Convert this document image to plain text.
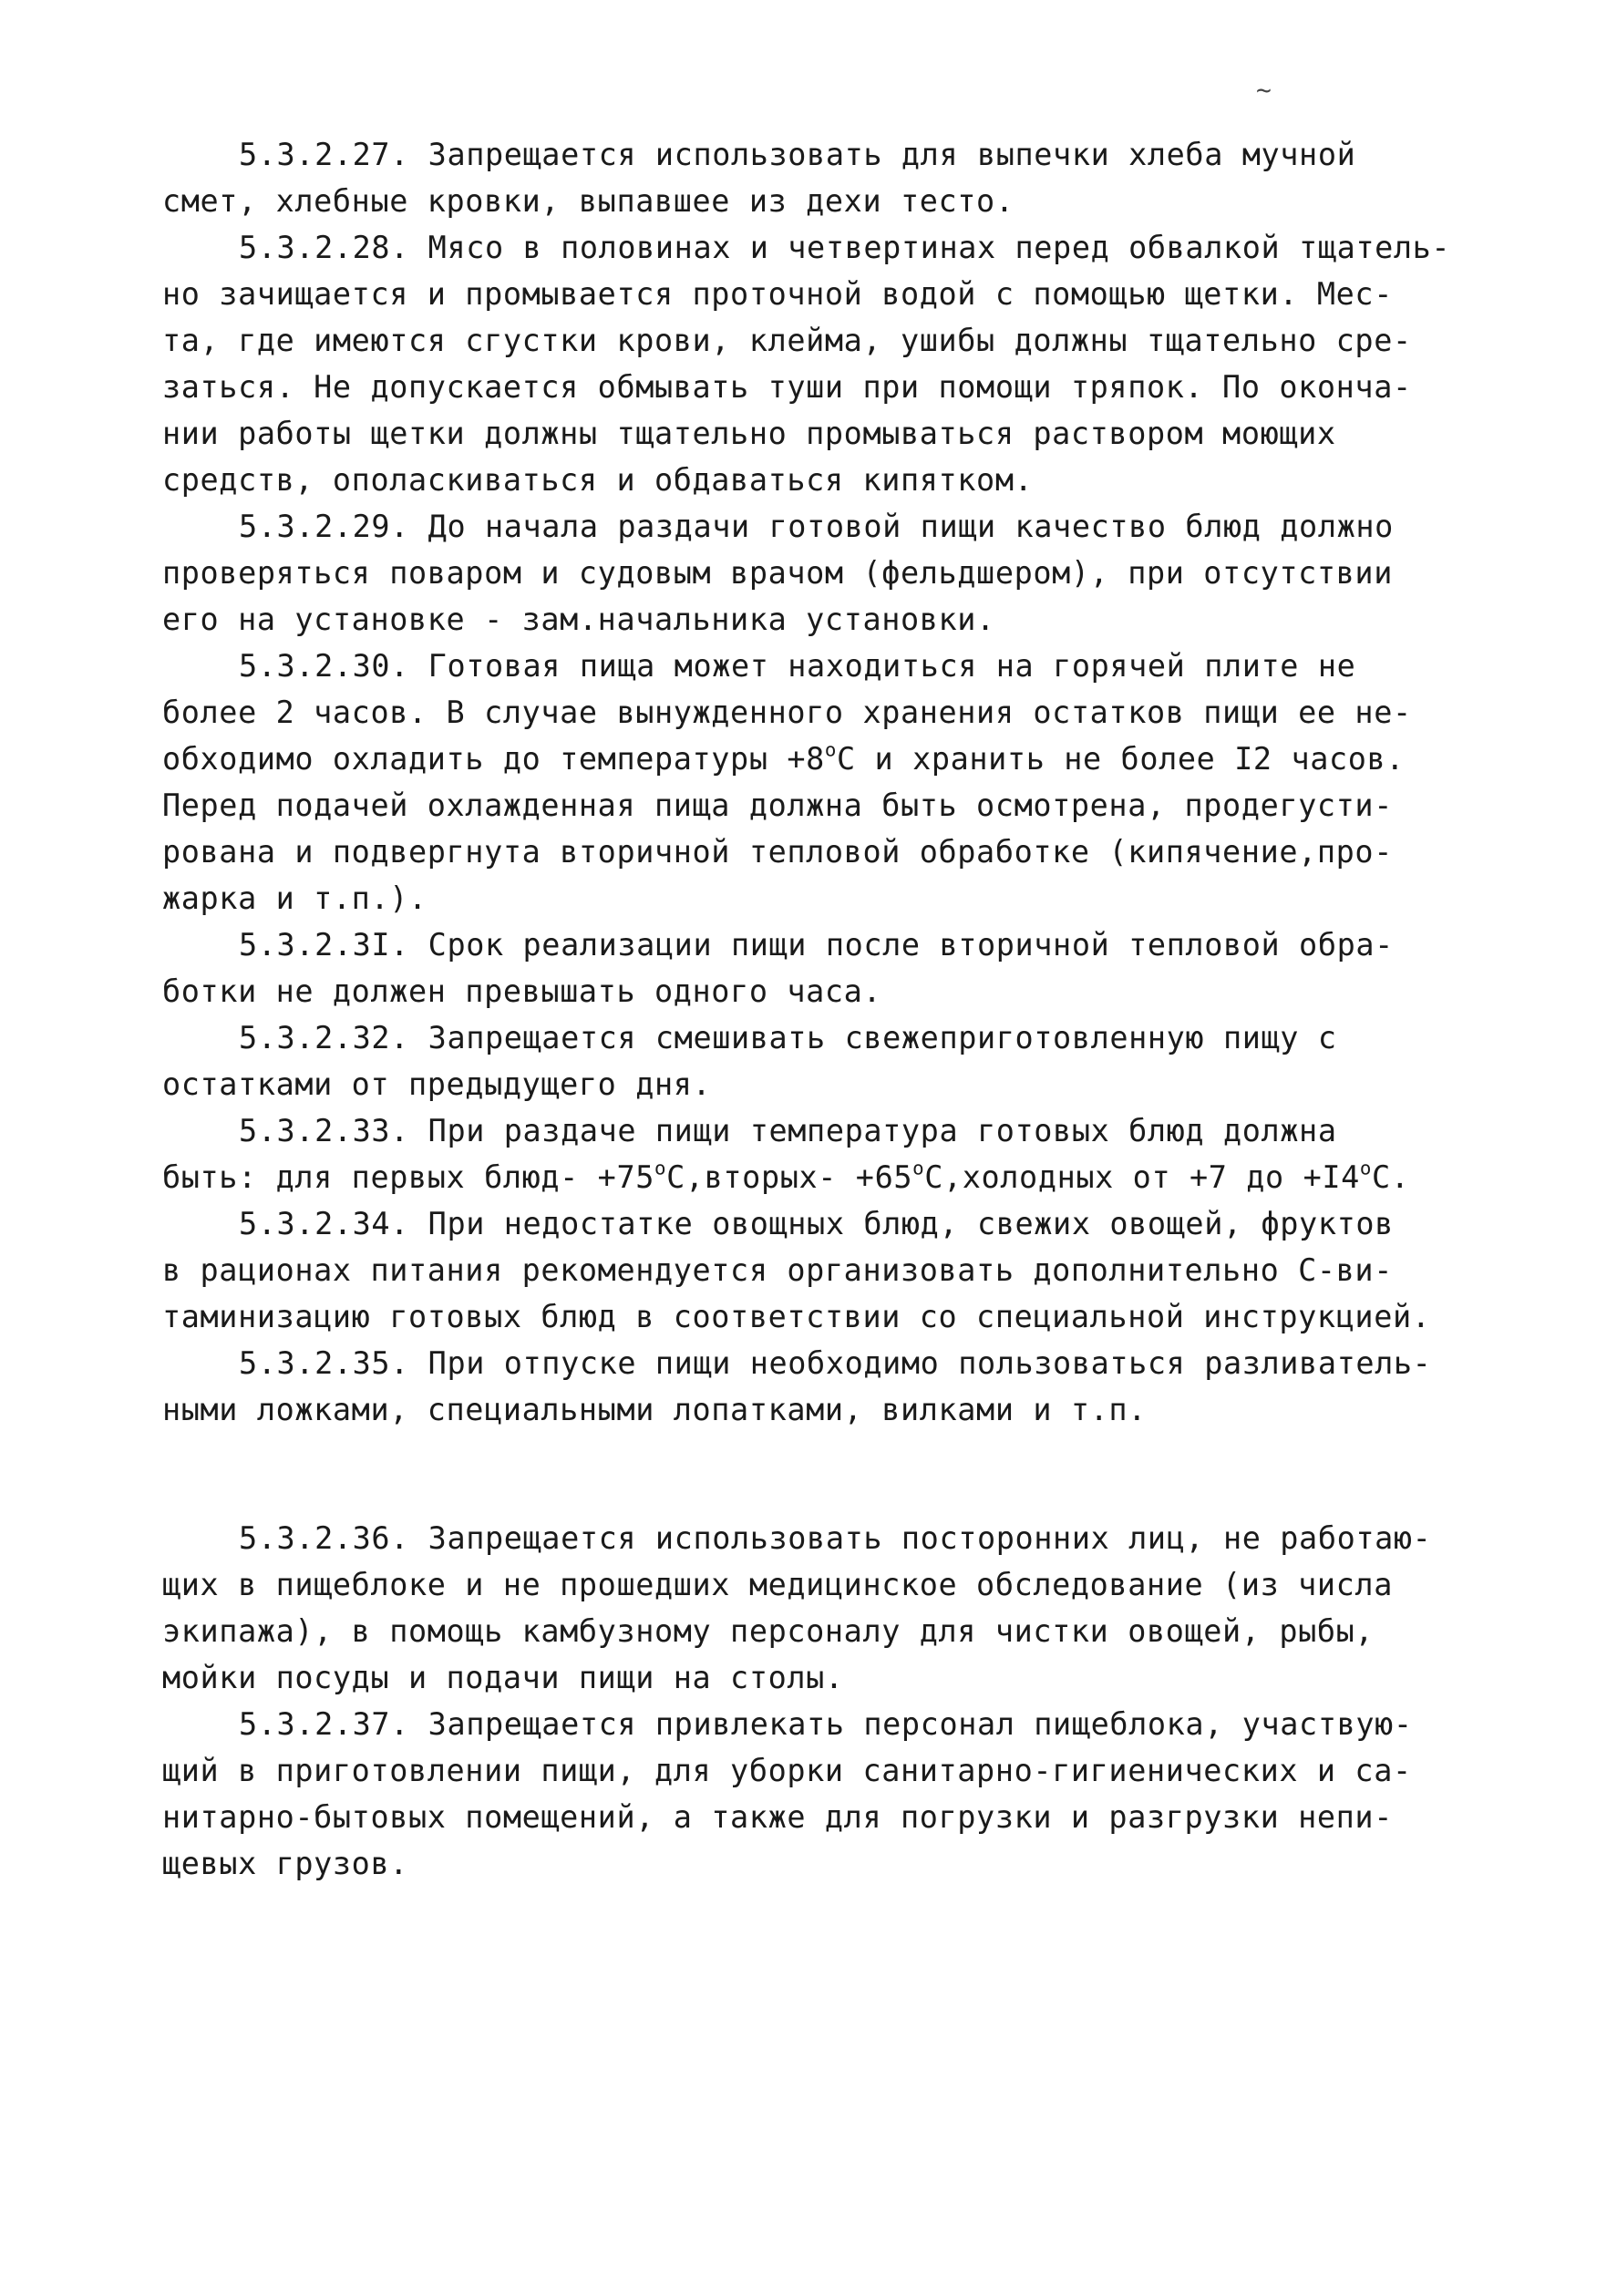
~
5.3.2.27. Запрещается использовать для выпечки хлеба мучной
смет, хлебные кровки, выпавшее из дехи тесто.
5.3.2.28. Мясо в половинах и четвертинах перед обвалкой тщатель-
но зачищается и промывается проточной водой с помощью щетки. Мес-
та, где имеются сгустки крови, клейма, ушибы должны тщательно сре-
заться. Не допускается обмывать туши при помощи тряпок. По оконча-
нии работы щетки должны тщательно промываться раствором моющих
средств, ополаскиваться и обдаваться кипятком.
5.3.2.29. До начала раздачи готовой пищи качество блюд должно
проверяться поваром и судовым врачом (фельдшером), при отсутствии
его на установке - зам.начальника установки.
5.3.2.30. Готовая пища может находиться на горячей плите не
более 2 часов. В случае вынужденного хранения остатков пищи ее не-
обходимо охладить до температуры $+8^oС$ и хранить не более I2 часов.
Перед подачей охлажденная пища должна быть осмотрена, продегусти-
рована и подвергнута вторичной тепловой обработке (кипячение,про-
жарка и т.п.).
5.3.2.3I. Срок реализации пищи после вторичной тепловой обра-
ботки не должен превышать одного часа.
5.3.2.32. Запрещается смешивать свежеприготовленную пищу с
остатками от предыдущего дня.
5.3.2.33. При раздаче пищи температура готовых блюд должна
быть: для первых блюд- $+75^oС,вторых-$ $+65^oС,холодных$ от +7 до $+I4^oС$.
5.3.2.34. При недостатке овощных блюд, свежих овощей, фруктов
в рационах питания рекомендуется организовать дополнительно С-ви-
таминизацию готовых блюд в соответствии со специальной инструкцией.
5.3.2.35. При отпуске пищи необходимо пользоваться разливатель-
ными ложками, специальными лопатками, вилками и т.п.
5.3.2.36. Запрещается использовать посторонних лиц, не работаю-
щих в пищеблоке и не прошедших медицинское обследование (из числа
экипажа), в помощь камбузному персоналу для чистки овощей, рыбы,
мойки посуды и подачи пищи на столы.
5.3.2.37. Запрещается привлекать персонал пищеблока, участвую-
щий в приготовлении пищи, для уборки санитарно-гигиенических и са-
нитарно-бытовых помещений, а также для погрузки и разгрузки непи-
щевых грузов.
